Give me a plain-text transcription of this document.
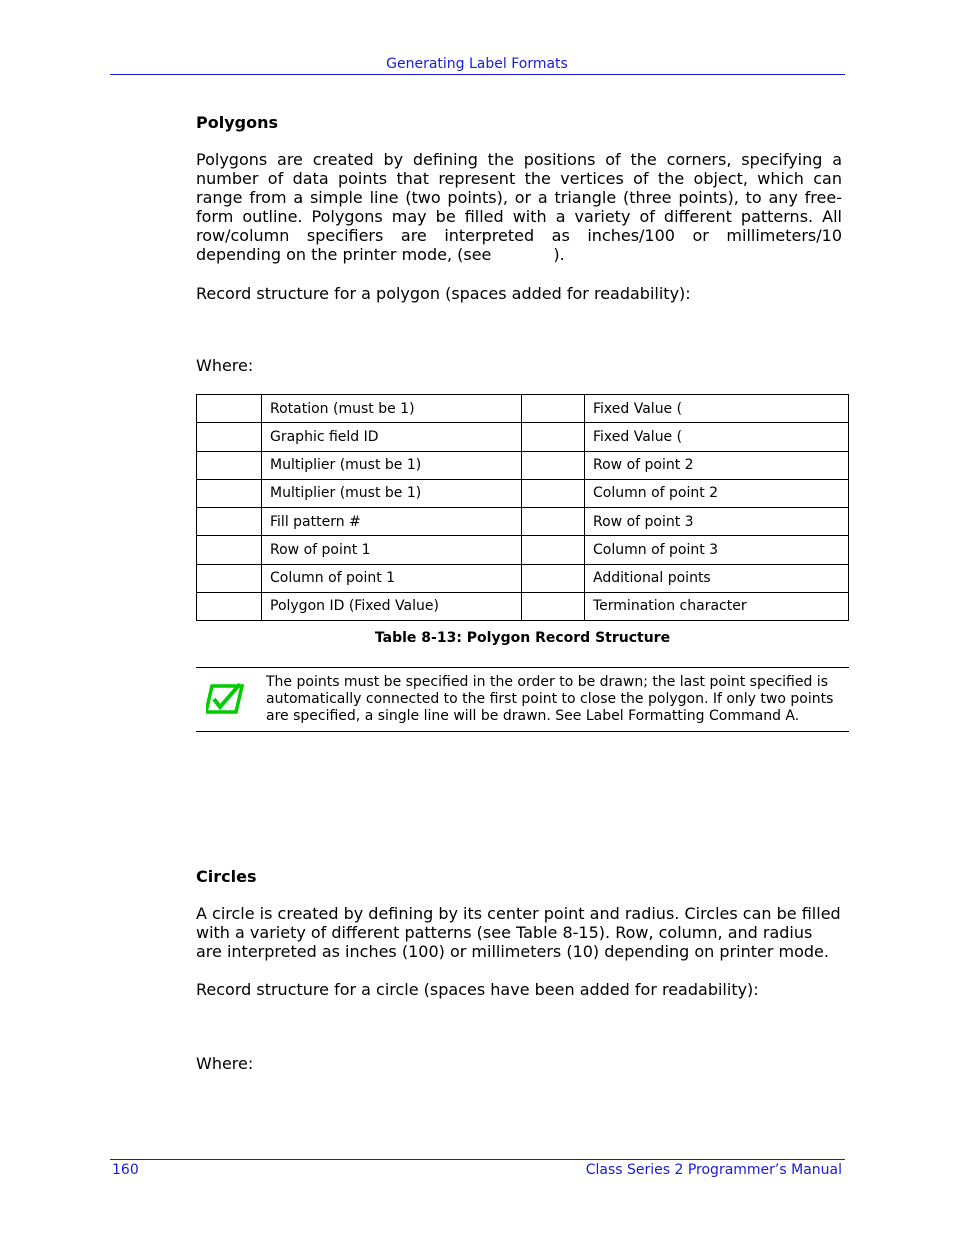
Generating Label Formats
Polygons

Polygons are created by defining the positions of the corners, specifying a number of data points that represent the vertices of the object, which can range from a simple line (two points), or a triangle (three points), to any free-form outline. Polygons may be filled with a variety of different patterns. All row/column specifiers are interpreted as inches/100 or millimeters/10 depending on the printer mode, (see	).

Record structure for a polygon (spaces added for readability):

Where:

	Rotation (must be 1)		Fixed Value (
	Graphic field ID		Fixed Value (
	Multiplier (must be 1)		Row of point 2
	Multiplier (must be 1)		Column of point 2
	Fill pattern #		Row of point 3
	Row of point 1		Column of point 3
	Column of point 1		Additional points
	Polygon ID (Fixed Value)		Termination character
Table 8-13: Polygon Record Structure

The points must be specified in the order to be drawn; the last point specified is automatically connected to the first point to close the polygon. If only two points are specified, a single line will be drawn. See Label Formatting Command A.

Circles

A circle is created by defining by its center point and radius. Circles can be filled with a variety of different patterns (see Table 8-15). Row, column, and radius are interpreted as inches (100) or millimeters (10) depending on printer mode.

Record structure for a circle (spaces have been added for readability):

Where:

160	Class Series 2 Programmer’s Manual
